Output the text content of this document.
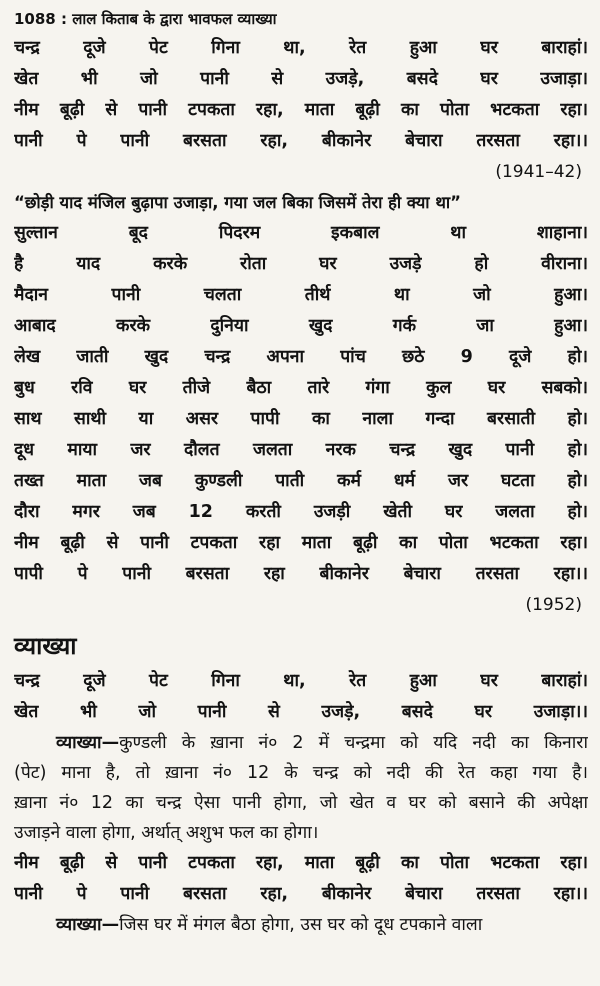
1088 : लाल किताब के द्वारा भावफल व्याख्या
चन्द्र दूजे पेट गिना था, रेत हुआ घर बाराहां।
खेत भी जो पानी से उजड़े, बसदे घर उजाड़ा।
नीम बूढ़ी से पानी टपकता रहा, माता बूढ़ी का पोता भटकता रहा।
पानी पे पानी बरसता रहा, बीकानेर बेचारा तरसता रहा।।
(1941–42)
“छोड़ी याद मंजिल बुढ़ापा उजाड़ा, गया जल बिका जिसमें तेरा ही क्या था”
सुल्तान बूद पिदरम इकबाल था शाहाना।
है याद करके रोता घर उजड़े हो वीराना।
मैदान पानी चलता तीर्थ था जो हुआ।
आबाद करके दुनिया खुद गर्क जा हुआ।
लेख जाती खुद चन्द्र अपना पांच छठे 9 दूजे हो।
बुध रवि घर तीजे बैठा तारे गंगा कुल घर सबको।
साथ साथी या असर पापी का नाला गन्दा बरसाती हो।
दूध माया जर दौलत जलता नरक चन्द्र खुद पानी हो।
तख्त माता जब कुण्डली पाती कर्म धर्म जर घटता हो।
दौरा मगर जब 12 करती उजड़ी खेती घर जलता हो।
नीम बूढ़ी से पानी टपकता रहा माता बूढ़ी का पोता भटकता रहा।
पापी पे पानी बरसता रहा बीकानेर बेचारा तरसता रहा।।
(1952)
व्याख्या
चन्द्र दूजे पेट गिना था, रेत हुआ घर बाराहां।
खेत भी जो पानी से उजड़े, बसदे घर उजाड़ा।।
व्याख्या—कुण्डली के ख़ाना नं० 2 में चन्द्रमा को यदि नदी का किनारा
(पेट) माना है, तो ख़ाना नं० 12 के चन्द्र को नदी की रेत कहा गया है।
ख़ाना नं० 12 का चन्द्र ऐसा पानी होगा, जो खेत व घर को बसाने की अपेक्षा
उजाड़ने वाला होगा, अर्थात् अशुभ फल का होगा।
नीम बूढ़ी से पानी टपकता रहा, माता बूढ़ी का पोता भटकता रहा।
पानी पे पानी बरसता रहा, बीकानेर बेचारा तरसता रहा।।
व्याख्या—जिस घर में मंगल बैठा होगा, उस घर को दूध टपकाने वाला
